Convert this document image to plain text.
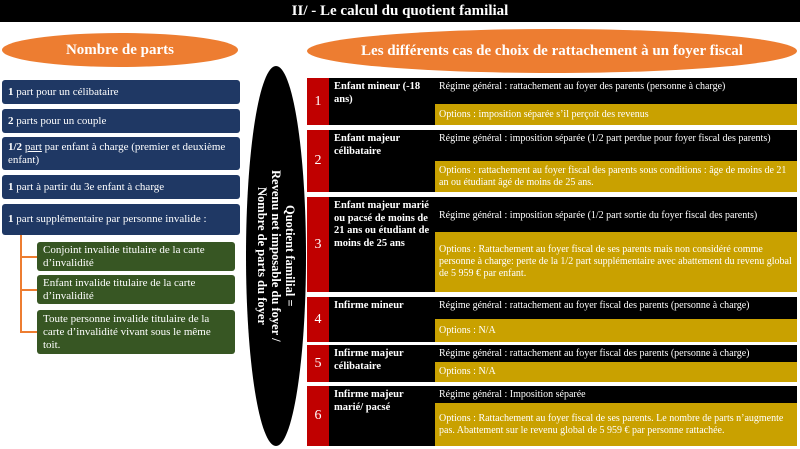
II/ - Le calcul du quotient familial
Nombre de parts
1 part pour un célibataire
2 parts pour un couple
1/2 part par enfant à charge (premier et deuxième enfant)
1 part à partir du 3e enfant à charge
1 part supplémentaire par personne invalide :
Conjoint invalide titulaire de la carte d’invalidité
Enfant invalide titulaire de la carte d’invalidité
Toute personne invalide titulaire de la carte d’invalidité vivant sous le même toit.
Quotient familial =
Revenu net imposable du foyer /
Nombre de parts du foyer
Les différents cas de choix de rattachement à un foyer fiscal
1
Enfant mineur (-18 ans)
Régime général : rattachement au foyer des parents (personne à charge)
Options : imposition séparée s’il perçoit des revenus
2
Enfant majeur célibataire
Régime général : imposition séparée (1/2 part perdue pour foyer fiscal des parents)
Options : rattachement au foyer fiscal des parents sous conditions : âge de moins de 21 an ou étudiant âgé de moins de 25 ans.
3
Enfant majeur marié ou pacsé de moins de 21 ans ou étudiant de moins de 25 ans
Régime général : imposition séparée (1/2 part sortie du foyer fiscal des parents)
Options : Rattachement au foyer fiscal de ses parents mais non considéré comme personne à charge: perte de la 1/2 part supplémentaire avec abattement du revenu global de 5 959 € par enfant.
4
Infirme mineur	Régime général : rattachement au foyer fiscal des parents (personne à charge)
Options : N/A
5
Infirme majeur célibataire
Régime général : rattachement au foyer fiscal des parents (personne à charge)
Options : N/A
6
Infirme majeur marié/ pacsé
Régime général : Imposition séparée
Options : Rattachement au foyer fiscal de ses parents. Le nombre de parts n’augmente pas. Abattement sur le revenu global de 5 959 € par personne rattachée.
